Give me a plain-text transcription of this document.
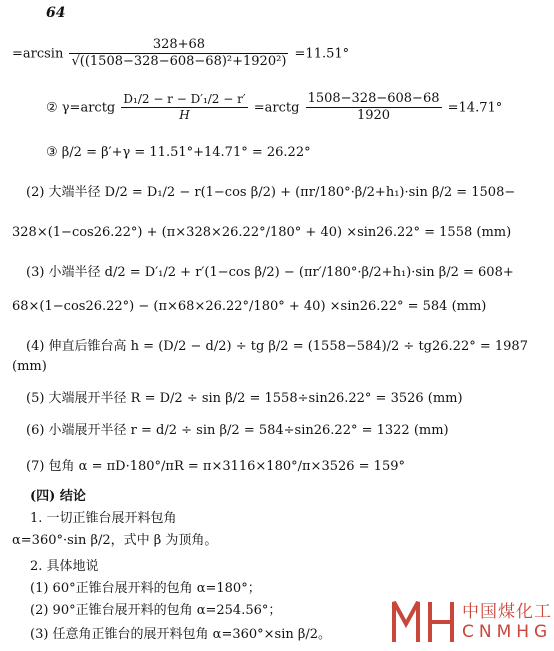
64
$=\arcsin \frac{328+68}{\text{√((1508−328−608−68)²+1920²)}} =11.51^\circ$
② γ=arctg $\frac{\text{D₁/2 − r − D′₁/2 − r′}}{H}$ =arctg $\frac{1508-328-608-68}{1920} =14.71^\circ$
③ β/2 = β′+γ = 11.51°+14.71° = 26.22°
(2) 大端半径 D/2 = D₁/2 − r(1−cos β/2) + (πr/180°·β/2+h₁)·sin β/2 = 1508−
328×(1−cos26.22°) + (π×328×26.22°/180° + 40) ×sin26.22° = 1558 (mm)
(3) 小端半径 d/2 = D′₁/2 + r′(1−cos β/2) − (πr′/180°·β/2+h₁)·sin β/2 = 608+
68×(1−cos26.22°) − (π×68×26.22°/180° + 40) ×sin26.22° = 584 (mm)
(4) 伸直后锥台高 h = (D/2 − d/2) ÷ tg β/2 = (1558−584)/2 ÷ tg26.22° = 1987
(mm)
(5) 大端展开半径 R = D/2 ÷ sin β/2 = 1558÷sin26.22° = 3526 (mm)
(6) 小端展开半径 r = d/2 ÷ sin β/2 = 584÷sin26.22° = 1322 (mm)
(7) 包角 α = πD·180°/πR = π×3116×180°/π×3526 = 159°
(四) 结论
1. 一切正锥台展开料包角
α=360°·sin β/2，式中 β 为顶角。
2. 具体地说
(1) 60°正锥台展开料的包角 α=180°；
(2) 90°正锥台展开料的包角 α=254.56°；
(3) 任意角正锥台的展开料包角 α=360°×sin β/2。
中国煤化工
CNMHG
